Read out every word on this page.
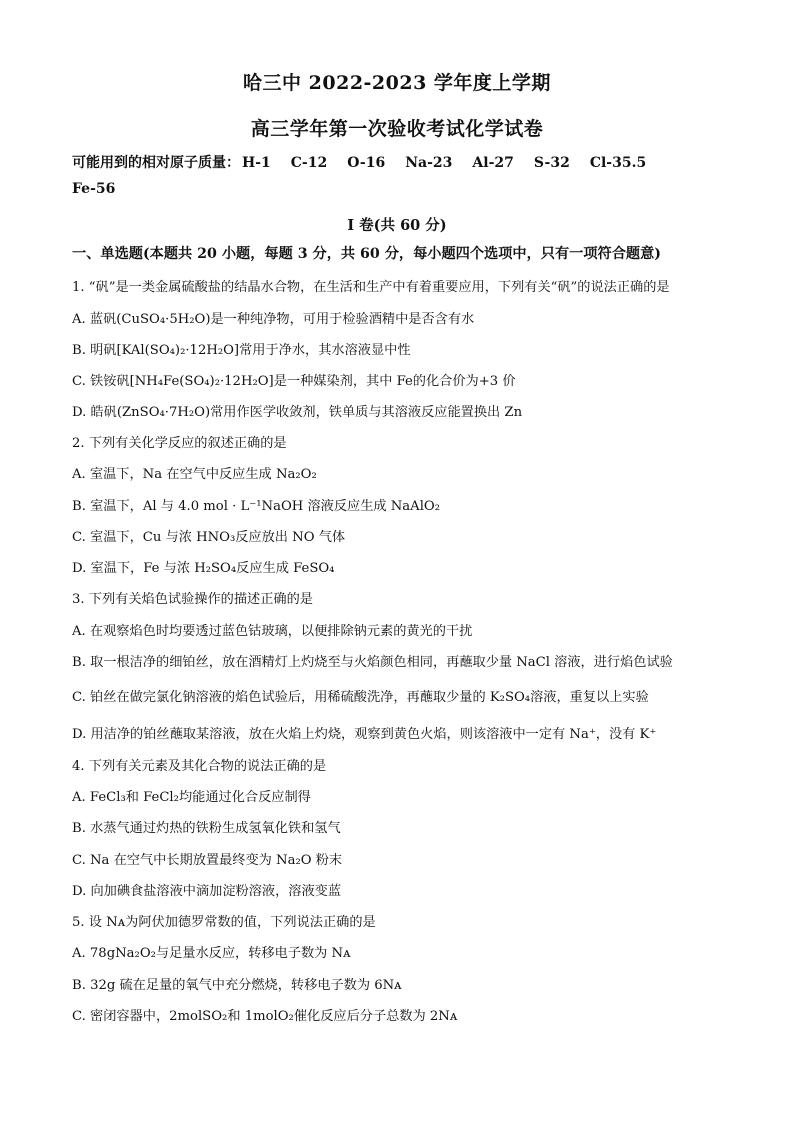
哈三中 2022-2023 学年度上学期
高三学年第一次验收考试化学试卷
可能用到的相对原子质量： H-1 C-12 O-16 Na-23 Al-27 S-32 Cl-35.5
Fe-56
I 卷(共 60 分)
一、单选题(本题共 20 小题，每题 3 分，共 60 分，每小题四个选项中，只有一项符合题意)
1. “矾”是一类金属硫酸盐的结晶水合物，在生活和生产中有着重要应用，下列有关“矾”的说法正确的是
A. 蓝矾(CuSO₄·5H₂O)是一种纯净物，可用于检验酒精中是否含有水
B. 明矾[KAl(SO₄)₂·12H₂O]常用于净水，其水溶液显中性
C. 铁铵矾[NH₄Fe(SO₄)₂·12H₂O]是一种媒染剂，其中 Fe的化合价为+3 价
D. 皓矾(ZnSO₄·7H₂O)常用作医学收敛剂，铁单质与其溶液反应能置换出 Zn
2. 下列有关化学反应的叙述正确的是
A. 室温下，Na 在空气中反应生成 Na₂O₂
B. 室温下，Al 与 4.0 mol · L⁻¹NaOH 溶液反应生成 NaAlO₂
C. 室温下，Cu 与浓 HNO₃反应放出 NO 气体
D. 室温下，Fe 与浓 H₂SO₄反应生成 FeSO₄
3. 下列有关焰色试验操作的描述正确的是
A. 在观察焰色时均要透过蓝色钴玻璃，以便排除钠元素的黄光的干扰
B. 取一根洁净的细铂丝，放在酒精灯上灼烧至与火焰颜色相同，再蘸取少量 NaCl 溶液，进行焰色试验
C. 铂丝在做完氯化钠溶液的焰色试验后，用稀硫酸洗净，再蘸取少量的 K₂SO₄溶液，重复以上实验
D. 用洁净的铂丝蘸取某溶液，放在火焰上灼烧，观察到黄色火焰，则该溶液中一定有 Na⁺，没有 K⁺
4. 下列有关元素及其化合物的说法正确的是
A. FeCl₃和 FeCl₂均能通过化合反应制得
B. 水蒸气通过灼热的铁粉生成氢氧化铁和氢气
C. Na 在空气中长期放置最终变为 Na₂O 粉末
D. 向加碘食盐溶液中滴加淀粉溶液，溶液变蓝
5. 设 Nᴀ为阿伏加德罗常数的值，下列说法正确的是
A. 78gNa₂O₂与足量水反应，转移电子数为 Nᴀ
B. 32g 硫在足量的氧气中充分燃烧，转移电子数为 6Nᴀ
C. 密闭容器中，2molSO₂和 1molO₂催化反应后分子总数为 2Nᴀ
